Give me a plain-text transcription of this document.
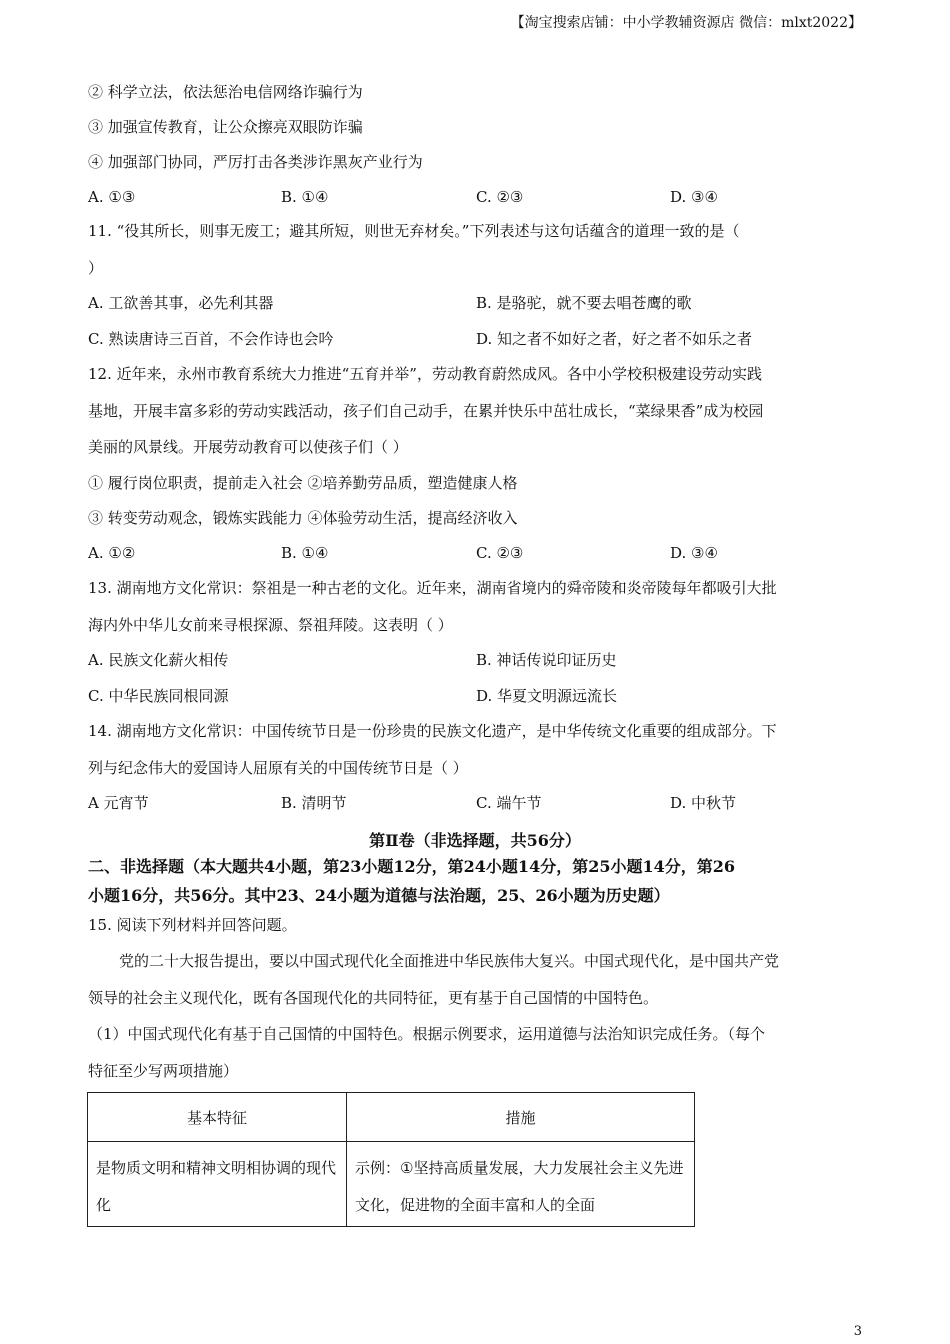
【淘宝搜索店铺：中小学教辅资源店 微信：mlxt2022】
② 科学立法，依法惩治电信网络诈骗行为
③ 加强宣传教育，让公众擦亮双眼防诈骗
④ 加强部门协同，严厉打击各类涉诈黑灰产业行为
A. ①③	B. ①④	C. ②③	D. ③④
11. “役其所长，则事无废工；避其所短，则世无弃材矣。”下列表述与这句话蕴含的道理一致的是（
）
A. 工欲善其事，必先利其器	B. 是骆驼，就不要去唱苍鹰的歌
C. 熟读唐诗三百首，不会作诗也会吟	D. 知之者不如好之者，好之者不如乐之者
12. 近年来，永州市教育系统大力推进“五育并举”，劳动教育蔚然成风。各中小学校积极建设劳动实践
基地，开展丰富多彩的劳动实践活动，孩子们自己动手，在累并快乐中茁壮成长，“菜绿果香”成为校园
美丽的风景线。开展劳动教育可以使孩子们（ ）
① 履行岗位职责，提前走入社会 ②培养勤劳品质，塑造健康人格
③ 转变劳动观念，锻炼实践能力 ④体验劳动生活，提高经济收入
A. ①②	B. ①④	C. ②③	D. ③④
13. 湖南地方文化常识：祭祖是一种古老的文化。近年来，湖南省境内的舜帝陵和炎帝陵每年都吸引大批
海内外中华儿女前来寻根探源、祭祖拜陵。这表明（ ）
A. 民族文化薪火相传	B. 神话传说印证历史
C. 中华民族同根同源	D. 华夏文明源远流长
14. 湖南地方文化常识：中国传统节日是一份珍贵的民族文化遗产，是中华传统文化重要的组成部分。下
列与纪念伟大的爱国诗人屈原有关的中国传统节日是（ ）
A 元宵节	B. 清明节	C. 端午节	D. 中秋节
第Ⅱ卷（非选择题，共56分）
二、非选择题（本大题共4小题，第23小题12分，第24小题14分，第25小题14分，第26
小题16分，共56分。其中23、24小题为道德与法治题，25、26小题为历史题）
15. 阅读下列材料并回答问题。
党的二十大报告提出，要以中国式现代化全面推进中华民族伟大复兴。中国式现代化，是中国共产党
领导的社会主义现代化，既有各国现代化的共同特征，更有基于自己国情的中国特色。
（1）中国式现代化有基于自己国情的中国特色。根据示例要求，运用道德与法治知识完成任务。（每个
特征至少写两项措施）
基本特征	措施
是物质文明和精神文明相协调的现代化	示例：①坚持高质量发展，大力发展社会主义先进文化，促进物的全面丰富和人的全面
3
